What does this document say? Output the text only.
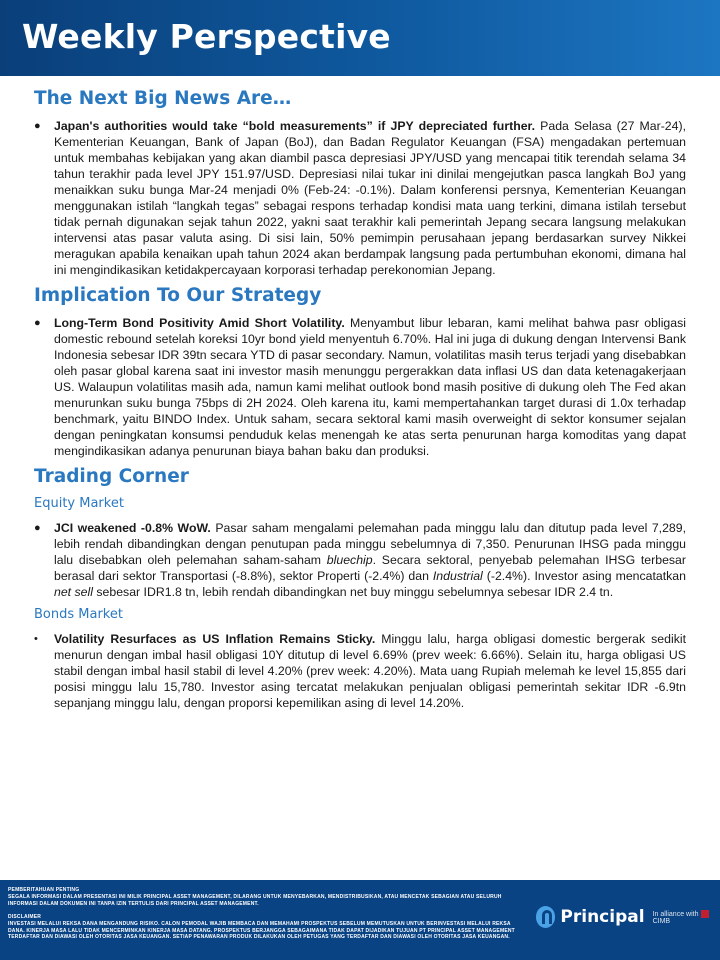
Weekly Perspective
The Next Big News Are…
●	Japan's authorities would take “bold measurements” if JPY depreciated further. Pada Selasa (27 Mar-24), Kementerian Keuangan, Bank of Japan (BoJ), dan Badan Regulator Keuangan (FSA) mengadakan pertemuan untuk membahas kebijakan yang akan diambil pasca depresiasi JPY/USD yang mencapai titik terendah selama 34 tahun terakhir pada level JPY 151.97/USD. Depresiasi nilai tukar ini dinilai mengejutkan pasca langkah BoJ yang menaikkan suku bunga Mar-24 menjadi 0% (Feb-24: -0.1%). Dalam konferensi persnya, Kementerian Keuangan menggunakan istilah “langkah tegas” sebagai respons terhadap kondisi mata uang terkini, dimana istilah tersebut tidak pernah digunakan sejak tahun 2022, yakni saat terakhir kali pemerintah Jepang secara langsung melakukan intervensi atas pasar valuta asing. Di sisi lain, 50% pemimpin perusahaan jepang berdasarkan survey Nikkei meragukan apabila kenaikan upah tahun 2024 akan berdampak langsung pada pertumbuhan ekonomi, dimana hal ini mengindikasikan ketidakpercayaan korporasi terhadap perekonomian Jepang.
Implication To Our Strategy
●	Long-Term Bond Positivity Amid Short Volatility. Menyambut libur lebaran, kami melihat bahwa pasr obligasi domestic rebound setelah koreksi 10yr bond yield menyentuh 6.70%. Hal ini juga di dukung dengan Intervensi Bank Indonesia sebesar IDR 39tn secara YTD di pasar secondary. Namun, volatilitas masih terus terjadi yang disebabkan oleh pasar global karena saat ini investor masih menunggu pergerakkan data inflasi US dan data ketenagakerjaan US. Walaupun volatilitas masih ada, namun kami melihat outlook bond masih positive di dukung oleh The Fed akan menurunkan suku bunga 75bps di 2H 2024. Oleh karena itu, kami mempertahankan target durasi di 1.0x terhadap benchmark, yaitu BINDO Index. Untuk saham, secara sektoral kami masih overweight di sektor konsumer sejalan dengan peningkatan konsumsi penduduk kelas menengah ke atas serta penurunan harga komoditas yang dapat mengindikasikan adanya penurunan biaya bahan baku dan produksi.
Trading Corner
Equity Market
●	JCI weakened -0.8% WoW. Pasar saham mengalami pelemahan pada minggu lalu dan ditutup pada level 7,289, lebih rendah dibandingkan dengan penutupan pada minggu sebelumnya di 7,350. Penurunan IHSG pada minggu lalu disebabkan oleh pelemahan saham-saham bluechip. Secara sektoral, penyebab pelemahan IHSG terbesar berasal dari sektor Transportasi (-8.8%), sektor Properti (-2.4%) dan Industrial (-2.4%). Investor asing mencatatkan net sell sebesar IDR1.8 tn, lebih rendah dibandingkan net buy minggu sebelumnya sebesar IDR 2.4 tn.
Bonds Market
•	Volatility Resurfaces as US Inflation Remains Sticky. Minggu lalu, harga obligasi domestic bergerak sedikit menurun dengan imbal hasil obligasi 10Y ditutup di level 6.69% (prev week: 6.66%). Selain itu, harga obligasi US stabil dengan imbal hasil stabil di level 4.20% (prev week: 4.20%). Mata uang Rupiah melemah ke level 15,855 dari posisi minggu lalu 15,780. Investor asing tercatat melakukan penjualan obligasi pemerintah sekitar IDR -6.9tn sepanjang minggu lalu, dengan proporsi kepemilikan asing di level 14.20%.
PEMBERITAHUAN PENTING
SEGALA INFORMASI DALAM PRESENTASI INI MILIK PRINCIPAL ASSET MANAGEMENT, DILARANG UNTUK MENYEBARKAN, MENDISTRIBUSIKAN, ATAU MENCETAK SEBAGIAN ATAU SELURUH INFORMASI DALAM DOKUMEN INI TANPA IZIN TERTULIS DARI PRINCIPAL ASSET MANAGEMENT.
DISCLAIMER
INVESTASI MELALUI REKSA DANA MENGANDUNG RISIKO. CALON PEMODAL WAJIB MEMBACA DAN MEMAHAMI PROSPEKTUS SEBELUM MEMUTUSKAN UNTUK BERINVESTASI MELALUI REKSA DANA. KINERJA MASA LALU TIDAK MENCERMINKAN KINERJA MASA DATANG. PROSPEKTUS BERJANGGA SEBAGAIMANA TIDAK DAPAT DIJADIKAN TUJUAN PT PRINCIPAL ASSET MANAGEMENT TERDAFTAR DAN DIAWASI OLEH OTORITAS JASA KEUANGAN. SETIAP PENAWARAN PRODUK DILAKUKAN OLEH PETUGAS YANG TERDAFTAR DAN DIAWASI OLEH OTORITAS JASA KEUANGAN.
Principal In alliance withCIMB
